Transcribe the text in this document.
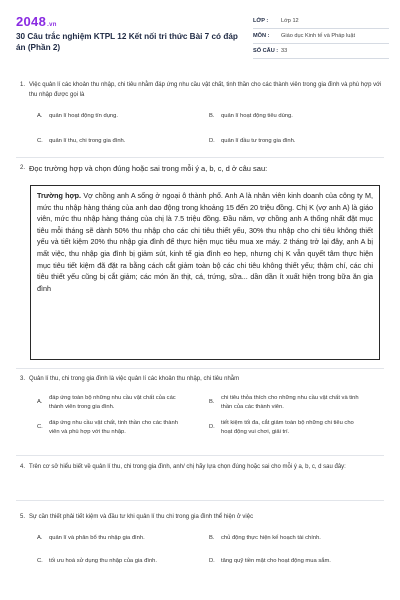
2048.vn
30 Câu trắc nghiệm KTPL 12 Kết nối tri thức Bài 7 có đáp án (Phần 2)
LỚP :	Lớp 12
MÔN :	Giáo dục Kinh tế và Pháp luật
SỐ CÂU : 33
1. Việc quản lí các khoản thu nhập, chi tiêu nhằm đáp ứng nhu cầu vật chất, tinh thần cho các thành viên trong gia đình và phù hợp với thu nhập được gọi là
A.	quản lí hoạt động tín dụng.	B.	quản lí hoạt động tiêu dùng.
C.	quản lí thu, chi trong gia đình.	D.	quản lí đầu tư trong gia đình.
2. Đọc trường hợp và chọn đúng hoặc sai trong mỗi ý a, b, c, d ở câu sau:
Trường hợp. Vợ chồng anh A sống ở ngoại ô thành phố. Anh A là nhân viên kinh doanh của công ty M, mức thu nhập hàng tháng của anh dao động trong khoảng 15 đến 20 triệu đồng. Chị K (vợ anh A) là giáo viên, mức thu nhập hàng tháng của chị là 7.5 triệu đồng. Đầu năm, vợ chồng anh A thống nhất đặt mục tiêu mỗi tháng sẽ dành 50% thu nhập cho các chi tiêu thiết yếu, 30% thu nhập cho chi tiêu không thiết yếu và tiết kiệm 20% thu nhập gia đình để thực hiện mục tiêu mua xe máy. 2 tháng trở lại đây, anh A bị mất việc, thu nhập gia đình bị giảm sút, kinh tế gia đình eo hẹp, nhưng chị K vẫn quyết tâm thực hiện mục tiêu tiết kiệm đã đặt ra bằng cách cắt giảm toàn bộ các chi tiêu không thiết yếu; thậm chí, các chi tiêu thiết yếu cũng bị cắt giảm; các món ăn thịt, cá, trứng, sữa... dần dần ít xuất hiện trong bữa ăn gia đình
3. Quản lí thu, chi trong gia đình là việc quản lí các khoản thu nhập, chi tiêu nhằm
A.
đáp ứng toàn bộ những nhu cầu vật chất của các thành viên trong gia đình.
B.
chi tiêu thỏa thích cho những nhu cầu vật chất và tinh thần của các thành viên.
C.
đáp ứng nhu cầu vật chất, tinh thần cho các thành viên và phù hợp với thu nhập.
D.
tiết kiệm tối đa, cắt giảm toàn bộ những chi tiêu cho hoạt động vui chơi, giải trí.
4. Trên cơ sở hiểu biết về quản lí thu, chi trong gia đình, anh/ chị hãy lựa chọn đúng hoặc sai cho mỗi ý a, b, c, d sau đây:
5. Sự cần thiết phải tiết kiệm và đầu tư khi quản lí thu chi trong gia đình thể hiện ở việc
A.	quản lí và phân bổ thu nhập gia đình.	B.	chủ động thực hiện kế hoạch tài chính.
C.	tối ưu hoá sử dụng thu nhập của gia đình.	D.	tăng quỹ tiền mặt cho hoạt động mua sắm.
